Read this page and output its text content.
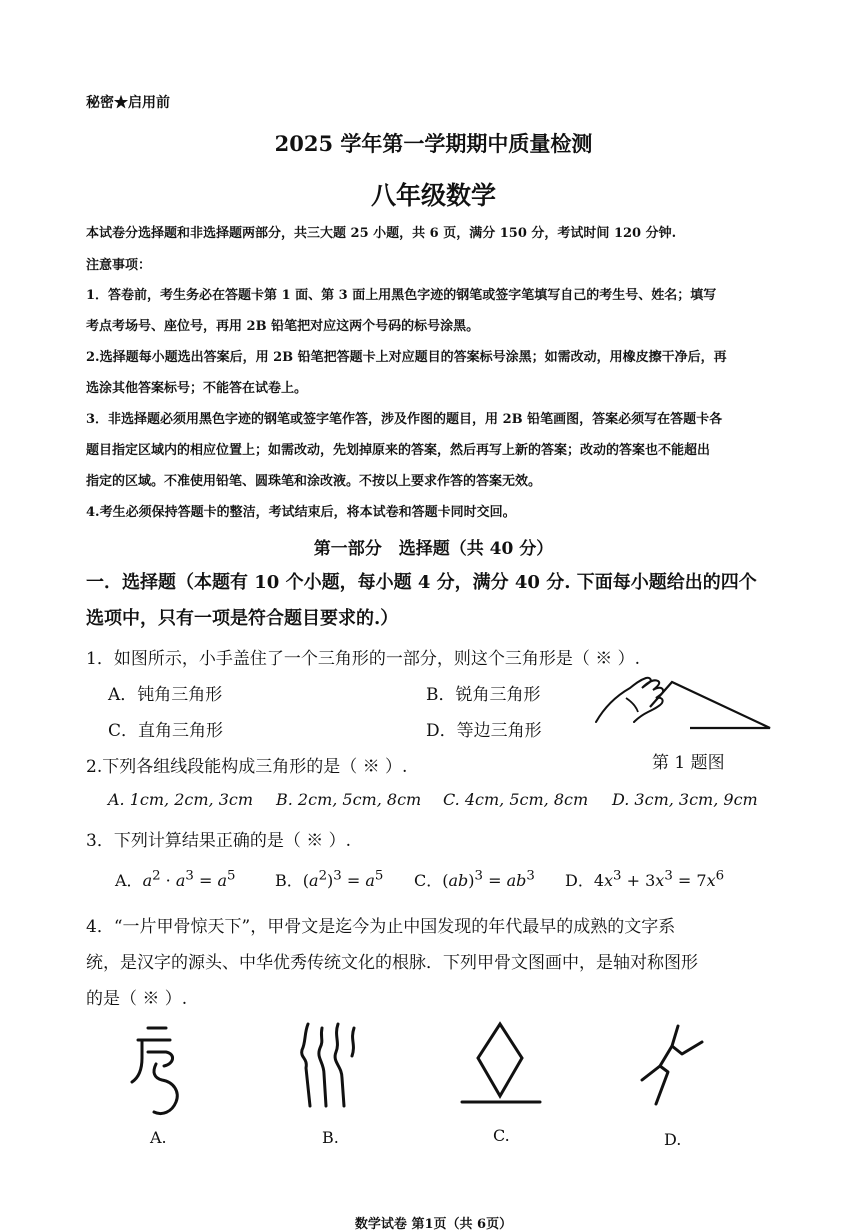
秘密★启用前
2025 学年第一学期期中质量检测
八年级数学
本试卷分选择题和非选择题两部分，共三大题 25 小题，共 6 页，满分 150 分，考试时间 120 分钟.
注意事项：
1．答卷前，考生务必在答题卡第 1 面、第 3 面上用黑色字迹的钢笔或签字笔填写自己的考生号、姓名；填写
考点考场号、座位号，再用 2B 铅笔把对应这两个号码的标号涂黑。
2.选择题每小题选出答案后，用 2B 铅笔把答题卡上对应题目的答案标号涂黑；如需改动，用橡皮擦干净后，再
选涂其他答案标号；不能答在试卷上。
3．非选择题必须用黑色字迹的钢笔或签字笔作答，涉及作图的题目，用 2B 铅笔画图，答案必须写在答题卡各
题目指定区域内的相应位置上；如需改动，先划掉原来的答案，然后再写上新的答案；改动的答案也不能超出
指定的区域。不准使用铅笔、圆珠笔和涂改液。不按以上要求作答的答案无效。
4.考生必须保持答题卡的整洁，考试结束后，将本试卷和答题卡同时交回。
第一部分　选择题（共 40 分）
一．选择题（本题有 10 个小题，每小题 4 分，满分 40 分. 下面每小题给出的四个
选项中，只有一项是符合题目要求的.）
1．如图所示，小手盖住了一个三角形的一部分，则这个三角形是（ ※ ）.
A．钝角三角形	B．锐角三角形
C．直角三角形	D．等边三角形
第 1 题图
2.下列各组线段能构成三角形的是（ ※ ）.
A. 1cm, 2cm, 3cm B. 2cm, 5cm, 8cm C. 4cm, 5cm, 8cm D. 3cm, 3cm, 9cm
3．下列计算结果正确的是（ ※ ）.
A．$a^2 \cdot a^3 = a^5$ B．$(a^2)^3 = a^5$ C．$(ab)^3 = ab^3$ D．$4x^3 + 3x^3 = 7x^6$
4．“一片甲骨惊天下”，甲骨文是迄今为止中国发现的年代最早的成熟的文字系
统，是汉字的源头、中华优秀传统文化的根脉．下列甲骨文图画中，是轴对称图形
的是（ ※ ）.
A.	B.	C.	D.
数学试卷 第1页（共 6页）
